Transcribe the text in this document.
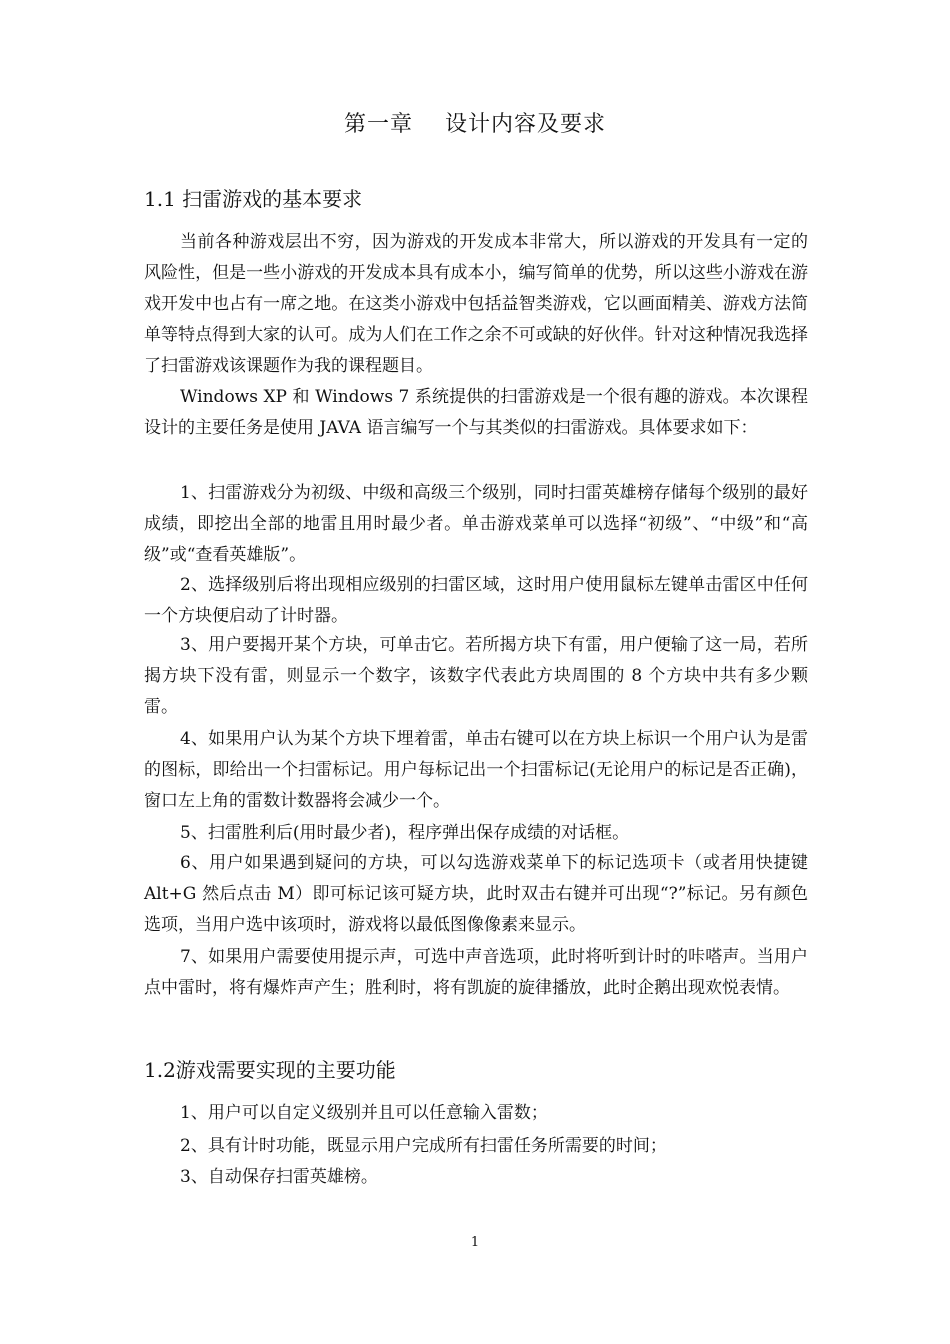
第一章    设计内容及要求
1.1 扫雷游戏的基本要求

当前各种游戏层出不穷，因为游戏的开发成本非常大，所以游戏的开发具有一定的风险性，但是一些小游戏的开发成本具有成本小，编写简单的优势，所以这些小游戏在游戏开发中也占有一席之地。在这类小游戏中包括益智类游戏，它以画面精美、游戏方法简单等特点得到大家的认可。成为人们在工作之余不可或缺的好伙伴。针对这种情况我选择了扫雷游戏该课题作为我的课程题目。

Windows XP 和 Windows 7 系统提供的扫雷游戏是一个很有趣的游戏。本次课程设计的主要任务是使用 JAVA 语言编写一个与其类似的扫雷游戏。具体要求如下：

1、扫雷游戏分为初级、中级和高级三个级别，同时扫雷英雄榜存储每个级别的最好成绩，即挖出全部的地雷且用时最少者。单击游戏菜单可以选择“初级”、“中级”和“高级”或“查看英雄版”。

2、选择级别后将出现相应级别的扫雷区域，这时用户使用鼠标左键单击雷区中任何一个方块便启动了计时器。

3、用户要揭开某个方块，可单击它。若所揭方块下有雷，用户便输了这一局，若所揭方块下没有雷，则显示一个数字，该数字代表此方块周围的 8 个方块中共有多少颗雷。

4、如果用户认为某个方块下埋着雷，单击右键可以在方块上标识一个用户认为是雷的图标，即给出一个扫雷标记。用户每标记出一个扫雷标记(无论用户的标记是否正确)，窗口左上角的雷数计数器将会减少一个。

5、扫雷胜利后(用时最少者)，程序弹出保存成绩的对话框。

6、用户如果遇到疑问的方块，可以勾选游戏菜单下的标记选项卡（或者用快捷键 Alt+G 然后点击 M）即可标记该可疑方块，此时双击右键并可出现“?”标记。另有颜色选项，当用户选中该项时，游戏将以最低图像像素来显示。

7、如果用户需要使用提示声，可选中声音选项，此时将听到计时的咔嗒声。当用户点中雷时，将有爆炸声产生；胜利时，将有凯旋的旋律播放，此时企鹅出现欢悦表情。

1.2游戏需要实现的主要功能

1、用户可以自定义级别并且可以任意输入雷数；

2、具有计时功能，既显示用户完成所有扫雷任务所需要的时间；

3、自动保存扫雷英雄榜。

1
